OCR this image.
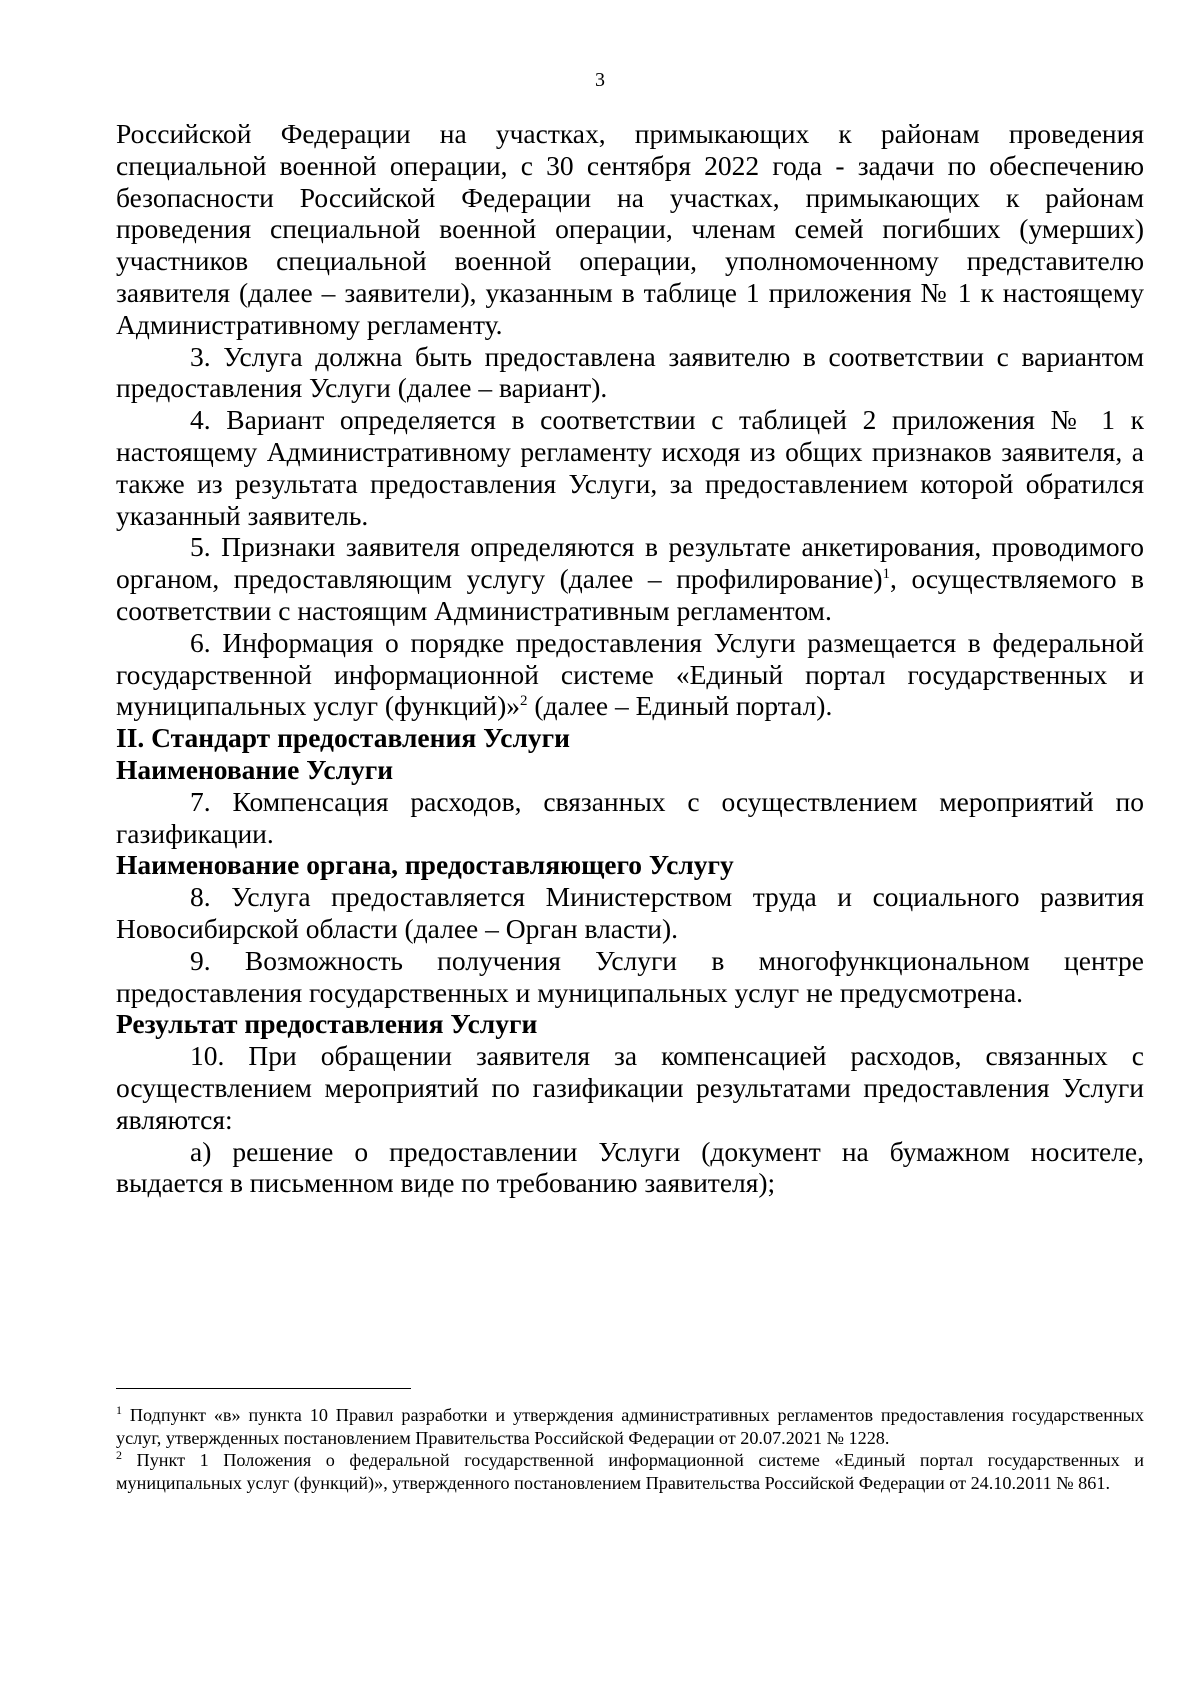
3

Российской Федерации на участках, примыкающих к районам проведения специальной военной операции, с 30 сентября 2022 года - задачи по обеспечению безопасности Российской Федерации на участках, примыкающих к районам проведения специальной военной операции, членам семей погибших (умерших) участников специальной военной операции, уполномоченному представителю заявителя (далее – заявители), указанным в таблице 1 приложения № 1 к настоящему Административному регламенту.

3. Услуга должна быть предоставлена заявителю в соответствии с вариантом предоставления Услуги (далее – вариант).

4. Вариант определяется в соответствии с таблицей 2 приложения № 1 к настоящему Административному регламенту исходя из общих признаков заявителя, а также из результата предоставления Услуги, за предоставлением которой обратился указанный заявитель.

5. Признаки заявителя определяются в результате анкетирования, проводимого органом, предоставляющим услугу (далее – профилирование)$^1$, осуществляемого в соответствии с настоящим Административным регламентом.

6. Информация о порядке предоставления Услуги размещается в федеральной государственной информационной системе «Единый портал государственных и муниципальных услуг (функций)»$^2$ (далее – Единый портал).

II. Стандарт предоставления Услуги

Наименование Услуги

7. Компенсация расходов, связанных с осуществлением мероприятий по газификации.

Наименование органа, предоставляющего Услугу

8. Услуга предоставляется Министерством труда и социального развития Новосибирской области (далее – Орган власти).

9. Возможность получения Услуги в многофункциональном центре предоставления государственных и муниципальных услуг не предусмотрена.

Результат предоставления Услуги

10. При обращении заявителя за компенсацией расходов, связанных с осуществлением мероприятий по газификации результатами предоставления Услуги являются:

а) решение о предоставлении Услуги (документ на бумажном носителе, выдается в письменном виде по требованию заявителя);

$^1$ Подпункт «в» пункта 10 Правил разработки и утверждения административных регламентов предоставления государственных услуг, утвержденных постановлением Правительства Российской Федерации от 20.07.2021 № 1228.

$^2$ Пункт 1 Положения о федеральной государственной информационной системе «Единый портал государственных и муниципальных услуг (функций)», утвержденного постановлением Правительства Российской Федерации от 24.10.2011 № 861.
